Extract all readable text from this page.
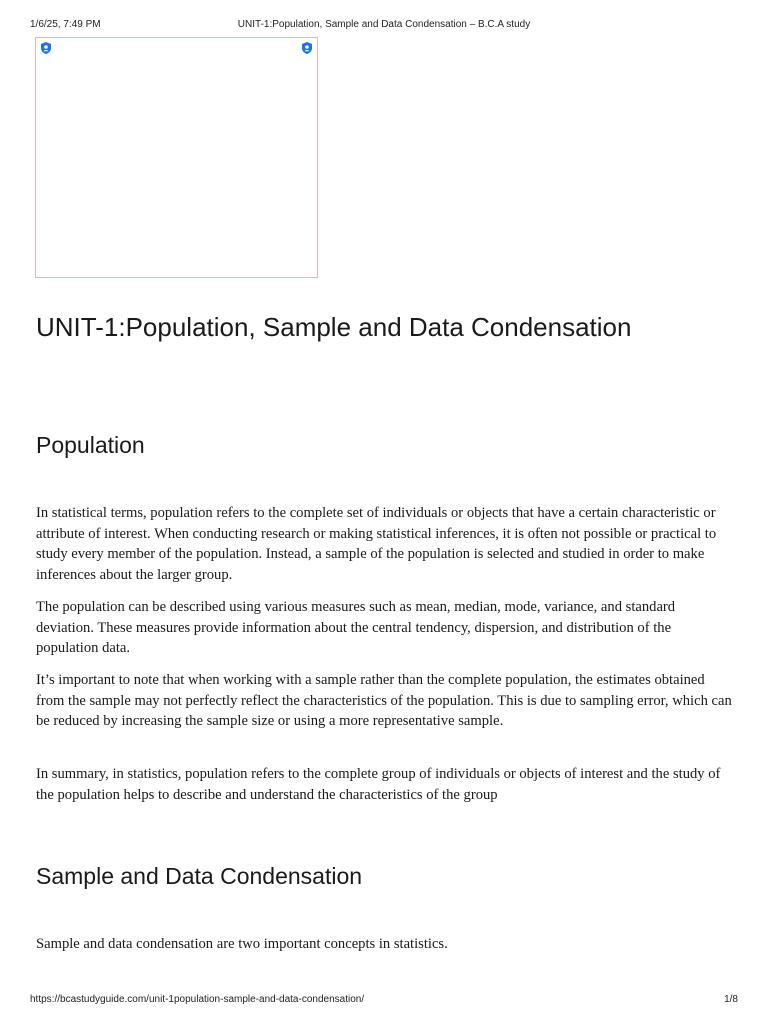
1/6/25, 7:49 PM	UNIT-1:Population, Sample and Data Condensation – B.C.A study
UNIT-1:Population, Sample and Data Condensation
Population

In statistical terms, population refers to the complete set of individuals or objects that have a certain characteristic or attribute of interest. When conducting research or making statistical inferences, it is often not possible or practical to study every member of the population. Instead, a sample of the population is selected and studied in order to make inferences about the larger group.

The population can be described using various measures such as mean, median, mode, variance, and standard deviation. These measures provide information about the central tendency, dispersion, and distribution of the population data.

It’s important to note that when working with a sample rather than the complete population, the estimates obtained from the sample may not perfectly reflect the characteristics of the population. This is due to sampling error, which can be reduced by increasing the sample size or using a more representative sample.

In summary, in statistics, population refers to the complete group of individuals or objects of interest and the study of the population helps to describe and understand the characteristics of the group

Sample and Data Condensation

Sample and data condensation are two important concepts in statistics.

https://bcastudyguide.com/unit-1population-sample-and-data-condensation/	1/8
